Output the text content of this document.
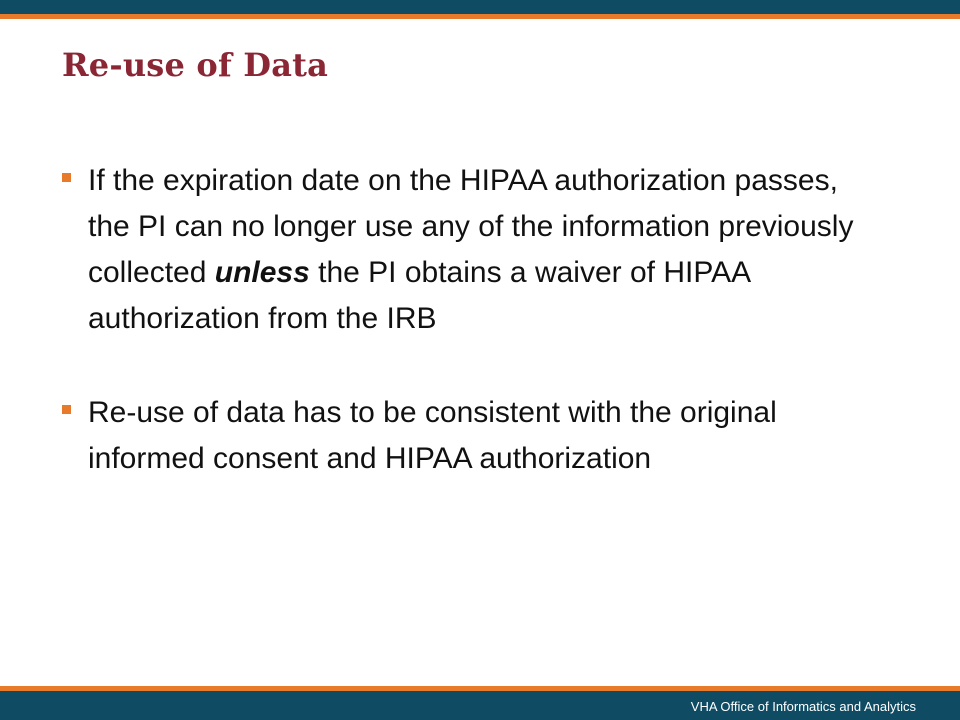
Re-use of Data
If the expiration date on the HIPAA authorization passes, the PI can no longer use any of the information previously collected unless the PI obtains a waiver of HIPAA authorization from the IRB
Re-use of data has to be consistent with the original informed consent and HIPAA authorization
VHA Office of Informatics and Analytics
